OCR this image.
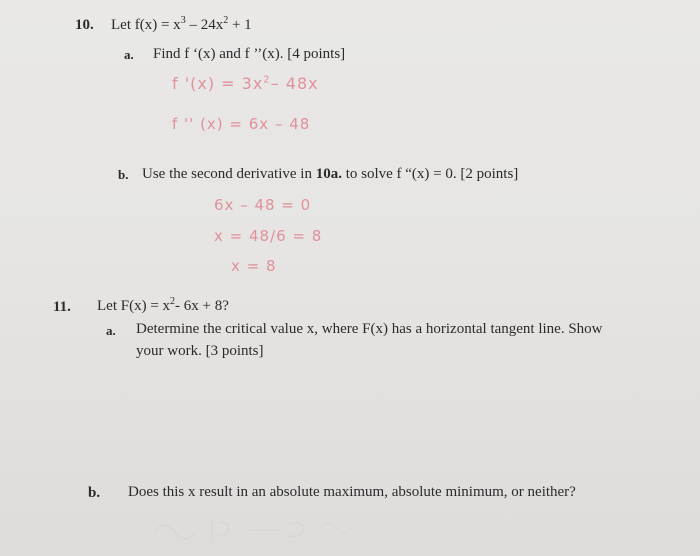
10. Let $f(x) = x^3 - 24x^2 + 1$
a. Find f ‘(x) and f ’’(x). [4 points]
f '$(x) = 3x^2-$ 48x
f '' (x) = 6x – 48
b. Use the second derivative in 10a. to solve f “(x) = 0. [2 points]
6x – 48 = 0
x = 48/6 = 8
x = 8
11. Let $F(x) = x^2-$ 6x + 8?
a. Determine the critical value x, where F(x) has a horizontal tangent line. Show
your work. [3 points]
b. Does this x result in an absolute maximum, absolute minimum, or neither?
